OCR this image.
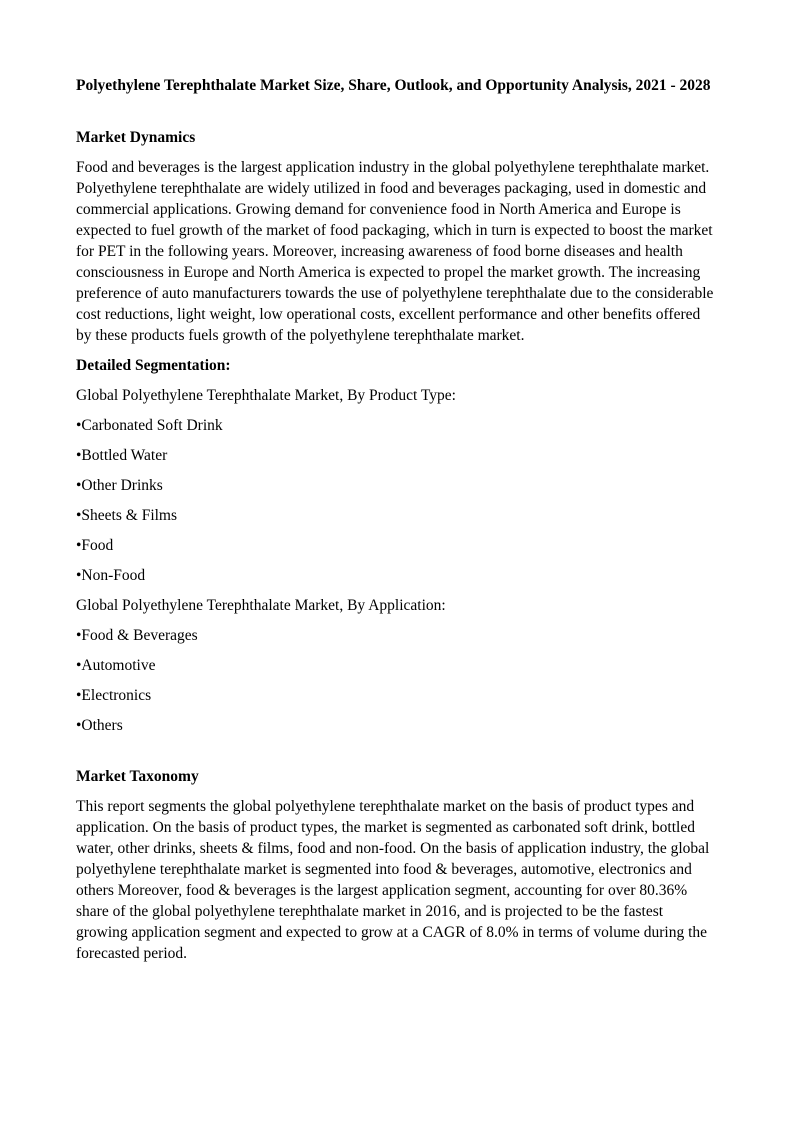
Polyethylene Terephthalate Market Size, Share, Outlook, and Opportunity Analysis, 2021 - 2028
Market Dynamics

Food and beverages is the largest application industry in the global polyethylene terephthalate market. Polyethylene terephthalate are widely utilized in food and beverages packaging, used in domestic and commercial applications. Growing demand for convenience food in North America and Europe is expected to fuel growth of the market of food packaging, which in turn is expected to boost the market for PET in the following years. Moreover, increasing awareness of food borne diseases and health consciousness in Europe and North America is expected to propel the market growth. The increasing preference of auto manufacturers towards the use of polyethylene terephthalate due to the considerable cost reductions, light weight, low operational costs, excellent performance and other benefits offered by these products fuels growth of the polyethylene terephthalate market.

Detailed Segmentation:

Global Polyethylene Terephthalate Market, By Product Type:

•Carbonated Soft Drink

•Bottled Water

•Other Drinks

•Sheets & Films

•Food

•Non-Food

Global Polyethylene Terephthalate Market, By Application:

•Food & Beverages

•Automotive

•Electronics

•Others

Market Taxonomy

This report segments the global polyethylene terephthalate market on the basis of product types and application. On the basis of product types, the market is segmented as carbonated soft drink, bottled water, other drinks, sheets & films, food and non-food. On the basis of application industry, the global polyethylene terephthalate market is segmented into food & beverages, automotive, electronics and others Moreover, food & beverages is the largest application segment, accounting for over 80.36% share of the global polyethylene terephthalate market in 2016, and is projected to be the fastest growing application segment and expected to grow at a CAGR of 8.0% in terms of volume during the forecasted period.
